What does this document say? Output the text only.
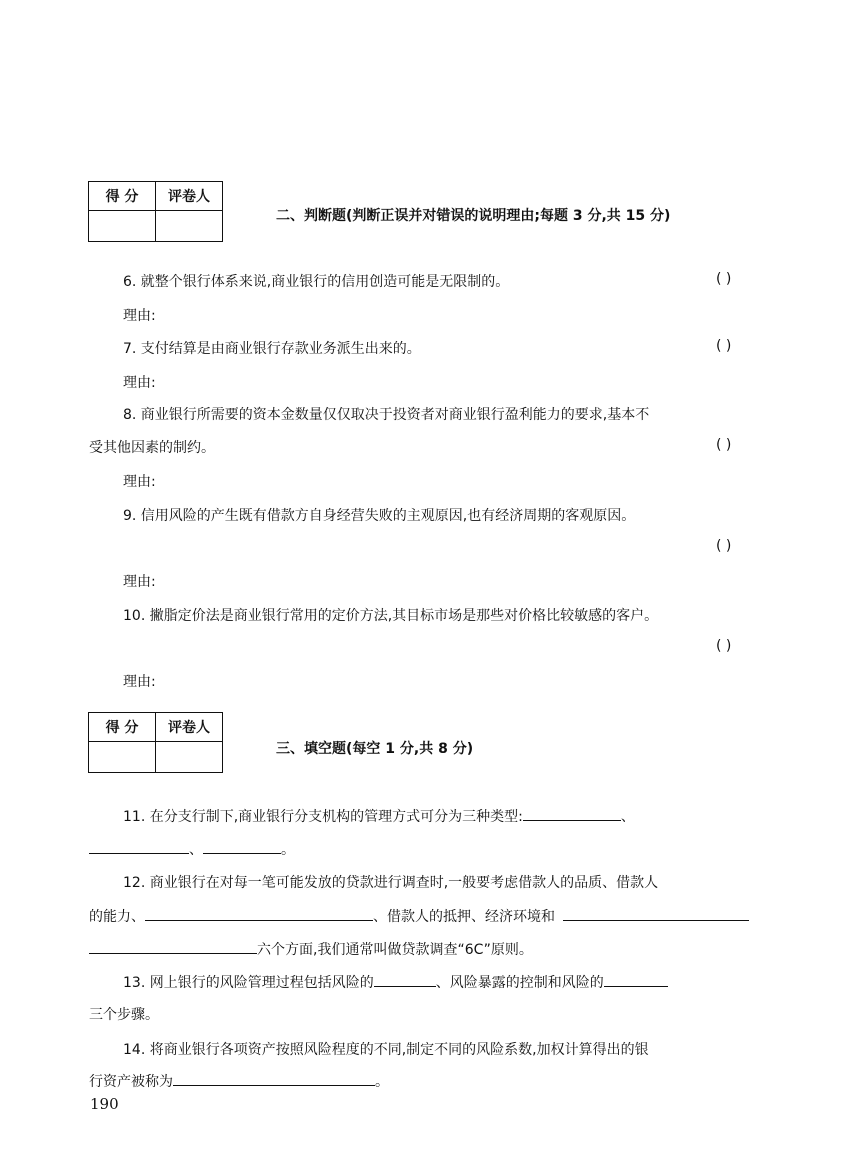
得 分	评卷人

二、判断题(判断正误并对错误的说明理由;每题 3 分,共 15 分)
6. 就整个银行体系来说,商业银行的信用创造可能是无限制的。	( )
理由:
7. 支付结算是由商业银行存款业务派生出来的。	( )
理由:
8. 商业银行所需要的资本金数量仅仅取决于投资者对商业银行盈利能力的要求,基本不
受其他因素的制约。	( )
理由:
9. 信用风险的产生既有借款方自身经营失败的主观原因,也有经济周期的客观原因。
( )
理由:
10. 撇脂定价法是商业银行常用的定价方法,其目标市场是那些对价格比较敏感的客户。
( )
理由:
得 分	评卷人

三、填空题(每空 1 分,共 8 分)
11. 在分支行制下,商业银行分支机构的管理方式可分为三种类型:	、
、	。
12. 商业银行在对每一笔可能发放的贷款进行调查时,一般要考虑借款人的品质、借款人
的能力、	、借款人的抵押、经济环境和
六个方面,我们通常叫做贷款调查“6C”原则。
13. 网上银行的风险管理过程包括风险的	、风险暴露的控制和风险的
三个步骤。
14. 将商业银行各项资产按照风险程度的不同,制定不同的风险系数,加权计算得出的银
行资产被称为	。
190
